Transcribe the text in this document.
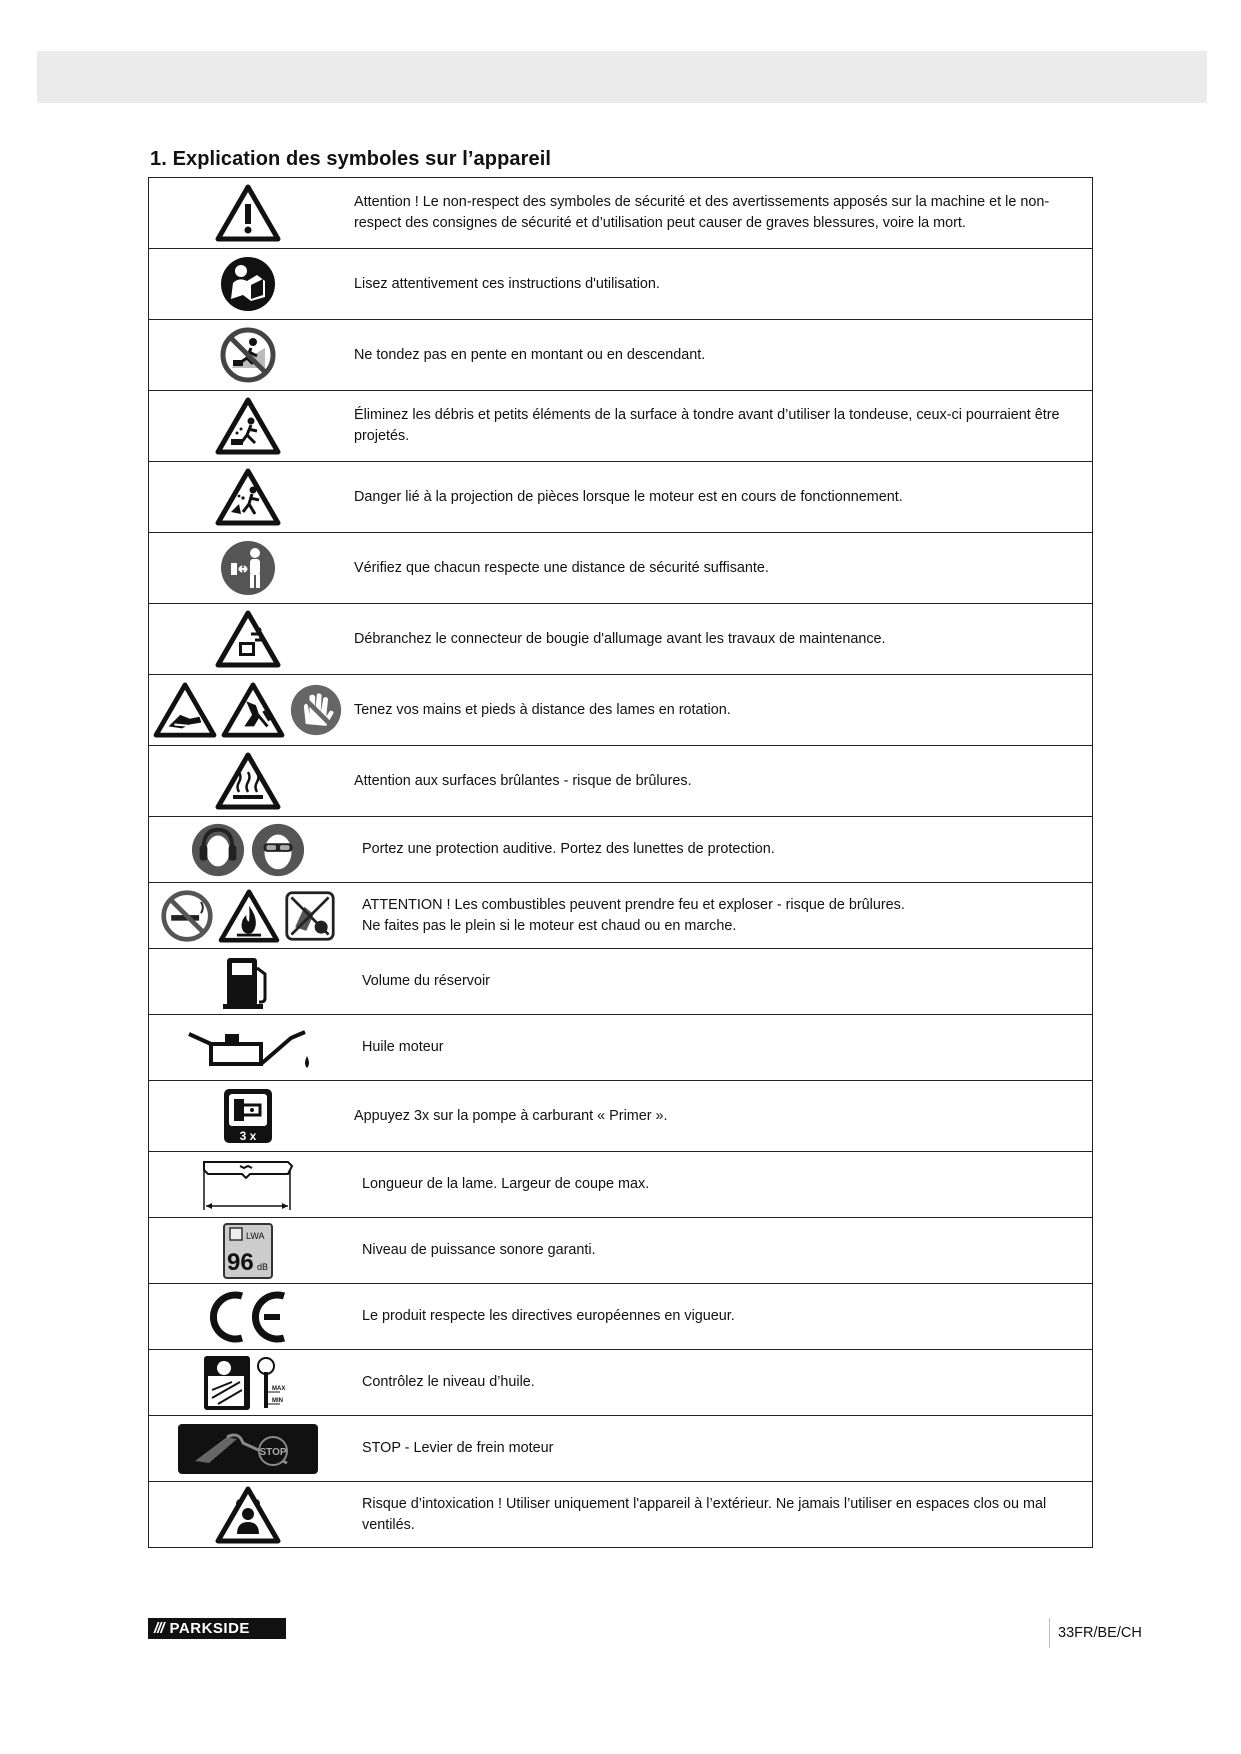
1. Explication des symboles sur l’appareil
	Attention ! Le non-respect des symboles de sécurité et des avertissements apposés sur la machine et le non-respect des consignes de sécurité et d’utilisation peut causer de graves blessures, voire la mort.
	Lisez attentivement ces instructions d'utilisation.
	Ne tondez pas en pente en montant ou en descendant.
	Éliminez les débris et petits éléments de la surface à tondre avant d’utiliser la tondeuse, ceux-ci pourraient être projetés.
	Danger lié à la projection de pièces lorsque le moteur est en cours de fonctionnement.
	Vérifiez que chacun respecte une distance de sécurité suffisante.
	Débranchez le connecteur de bougie d'allumage avant les travaux de maintenance.
	Tenez vos mains et pieds à distance des lames en rotation.
	Attention aux surfaces brûlantes - risque de brûlures.
	Portez une protection auditive. Portez des lunettes de protection.
	ATTENTION ! Les combustibles peuvent prendre feu et exploser - risque de brûlures.
Ne faites pas le plein si le moteur est chaud ou en marche.
	Volume du réservoir
	Huile moteur

3 x	Appuyez 3x sur la pompe à carburant « Primer ».
	Longueur de la lame. Largeur de coupe max.

LWA
96 dB	Niveau de puissance sonore garanti.
	Le produit respecte les directives européennes en vigueur.

MAX
MIN	Contrôlez le niveau d’huile.

STOP	STOP - Levier de frein moteur
	Risque d’intoxication ! Utiliser uniquement l'appareil à l’extérieur. Ne jamais l’utiliser en espaces clos ou mal ventilés.
/// PARKSIDE	33FR/BE/CH
